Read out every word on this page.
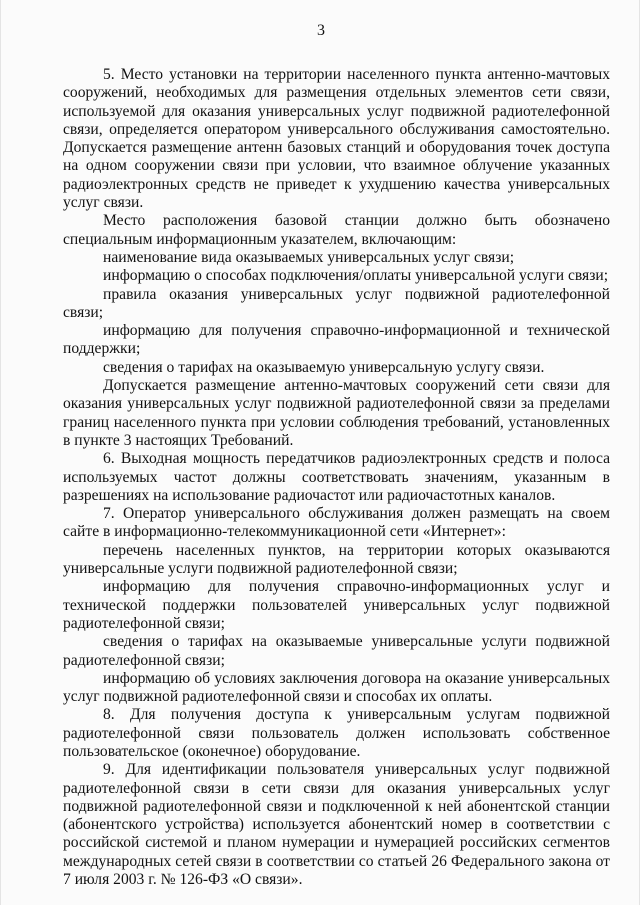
3

5. Место установки на территории населенного пункта антенно-мачтовых сооружений, необходимых для размещения отдельных элементов сети связи, используемой для оказания универсальных услуг подвижной радиотелефонной связи, определяется оператором универсального обслуживания самостоятельно. Допускается размещение антенн базовых станций и оборудования точек доступа на одном сооружении связи при условии, что взаимное облучение указанных радиоэлектронных средств не приведет к ухудшению качества универсальных услуг связи.

Место расположения базовой станции должно быть обозначено специальным информационным указателем, включающим:

наименование вида оказываемых универсальных услуг связи;

информацию о способах подключения/оплаты универсальной услуги связи;

правила оказания универсальных услуг подвижной радиотелефонной связи;

информацию для получения справочно-информационной и технической поддержки;

сведения о тарифах на оказываемую универсальную услугу связи.

Допускается размещение антенно-мачтовых сооружений сети связи для оказания универсальных услуг подвижной радиотелефонной связи за пределами границ населенного пункта при условии соблюдения требований, установленных в пункте 3 настоящих Требований.

6. Выходная мощность передатчиков радиоэлектронных средств и полоса используемых частот должны соответствовать значениям, указанным в разрешениях на использование радиочастот или радиочастотных каналов.

7. Оператор универсального обслуживания должен размещать на своем сайте в информационно-телекоммуникационной сети «Интернет»:

перечень населенных пунктов, на территории которых оказываются универсальные услуги подвижной радиотелефонной связи;

информацию для получения справочно-информационных услуг и технической поддержки пользователей универсальных услуг подвижной радиотелефонной связи;

сведения о тарифах на оказываемые универсальные услуги подвижной радиотелефонной связи;

информацию об условиях заключения договора на оказание универсальных услуг подвижной радиотелефонной связи и способах их оплаты.

8. Для получения доступа к универсальным услугам подвижной радиотелефонной связи пользователь должен использовать собственное пользовательское (оконечное) оборудование.

9. Для идентификации пользователя универсальных услуг подвижной радиотелефонной связи в сети связи для оказания универсальных услуг подвижной радиотелефонной связи и подключенной к ней абонентской станции (абонентского устройства) используется абонентский номер в соответствии с российской системой и планом нумерации и нумерацией российских сегментов международных сетей связи в соответствии со статьей 26 Федерального закона от 7 июля 2003 г. № 126-ФЗ «О связи».
